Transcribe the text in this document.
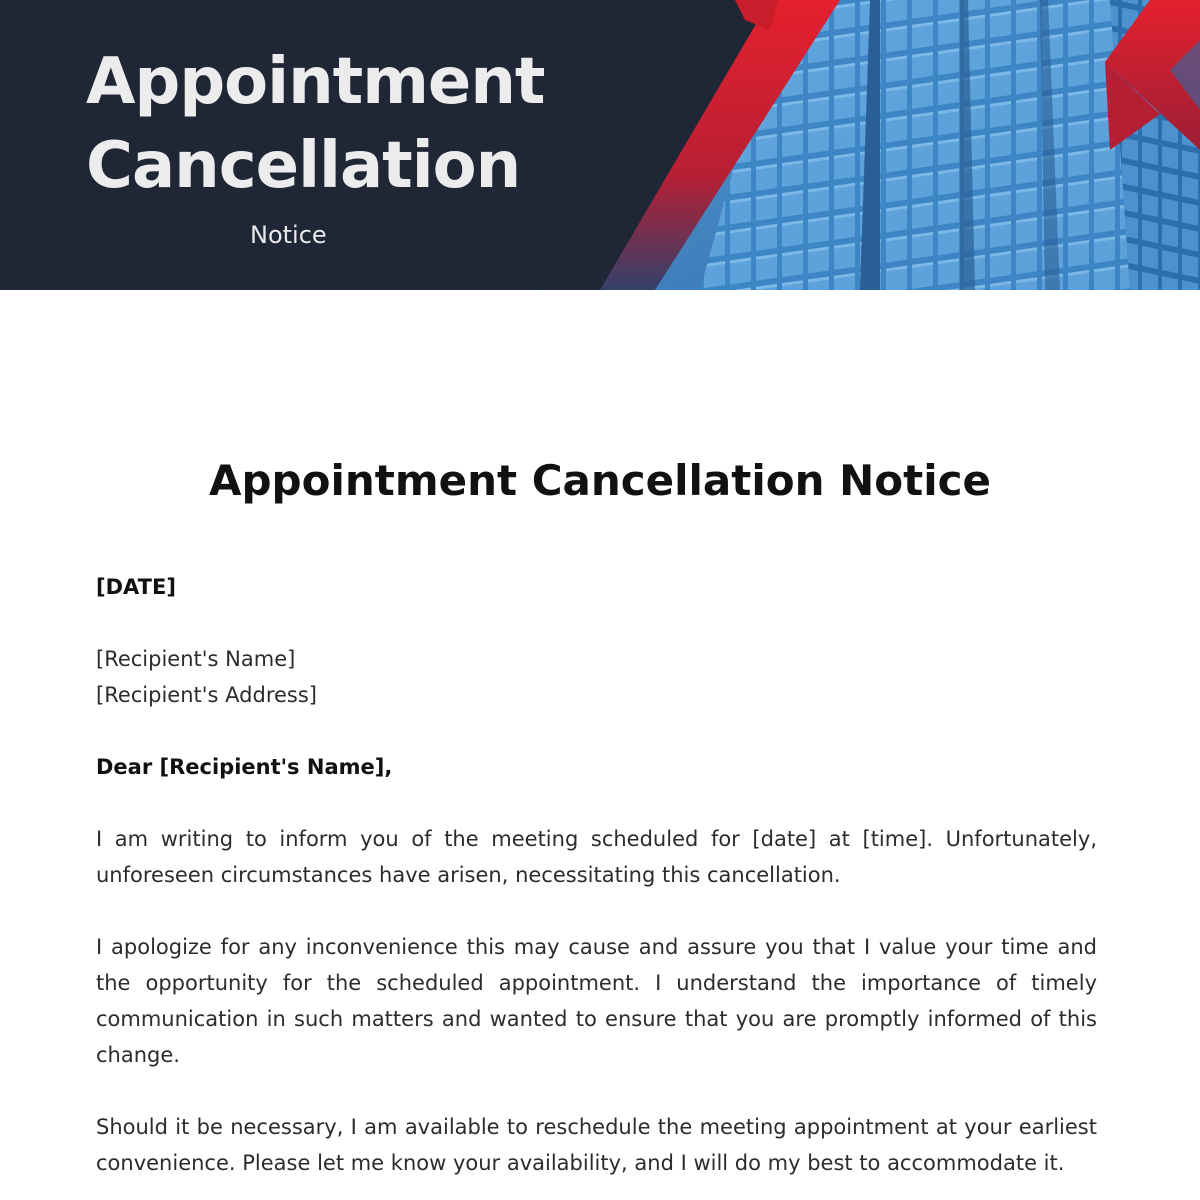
Appointment
Cancellation
Notice
Appointment Cancellation Notice

[DATE]

[Recipient's Name]
[Recipient's Address]

Dear [Recipient's Name],

I am writing to inform you of the meeting scheduled for [date] at [time]. Unfortunately, unforeseen circumstances have arisen, necessitating this cancellation.

I apologize for any inconvenience this may cause and assure you that I value your time and the opportunity for the scheduled appointment. I understand the importance of timely communication in such matters and wanted to ensure that you are promptly informed of this change.

Should it be necessary, I am available to reschedule the meeting appointment at your earliest convenience. Please let me know your availability, and I will do my best to accommodate it.
